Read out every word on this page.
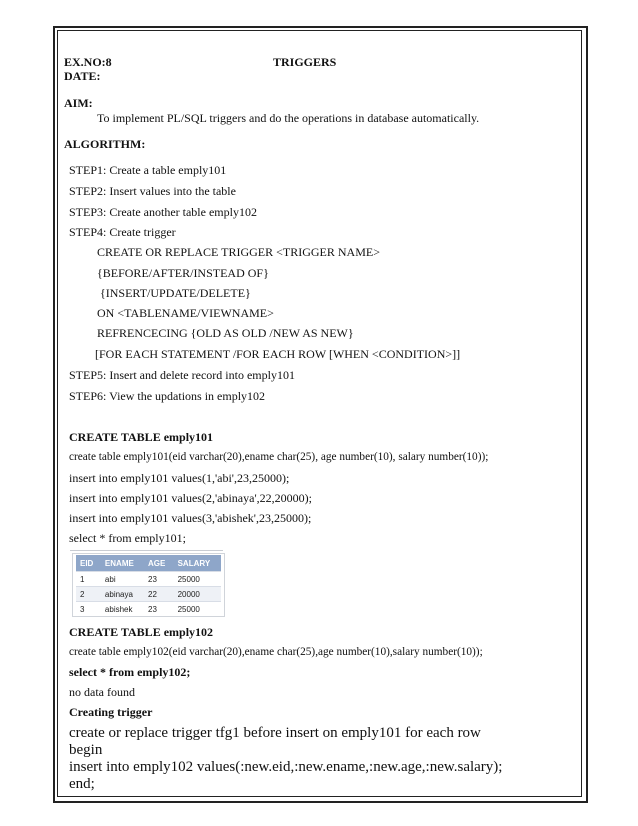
EX.NO:8	TRIGGERS
DATE:
AIM:
To implement PL/SQL triggers and do the operations in database automatically.
ALGORITHM:
STEP1: Create a table emply101
STEP2: Insert values into the table
STEP3: Create another table emply102
STEP4: Create trigger
CREATE OR REPLACE TRIGGER <TRIGGER NAME>
{BEFORE/AFTER/INSTEAD OF}
{INSERT/UPDATE/DELETE}
ON <TABLENAME/VIEWNAME>
REFRENCECING {OLD AS OLD /NEW AS NEW}
[FOR EACH STATEMENT /FOR EACH ROW [WHEN <CONDITION>]]
STEP5: Insert and delete record into emply101
STEP6: View the updations in emply102
CREATE TABLE emply101
create table emply101(eid varchar(20),ename char(25), age number(10), salary number(10));
insert into emply101 values(1,'abi',23,25000);
insert into emply101 values(2,'abinaya',22,20000);
insert into emply101 values(3,'abishek',23,25000);
select * from emply101;
EID	ENAME	AGE	SALARY
1	abi	23	25000
2	abinaya	22	20000
3	abishek	23	25000
CREATE TABLE emply102
create table emply102(eid varchar(20),ename char(25),age number(10),salary number(10));
select * from emply102;
no data found
Creating trigger
create or replace trigger tfg1 before insert on emply101 for each row
begin
insert into emply102 values(:new.eid,:new.ename,:new.age,:new.salary);
end;
